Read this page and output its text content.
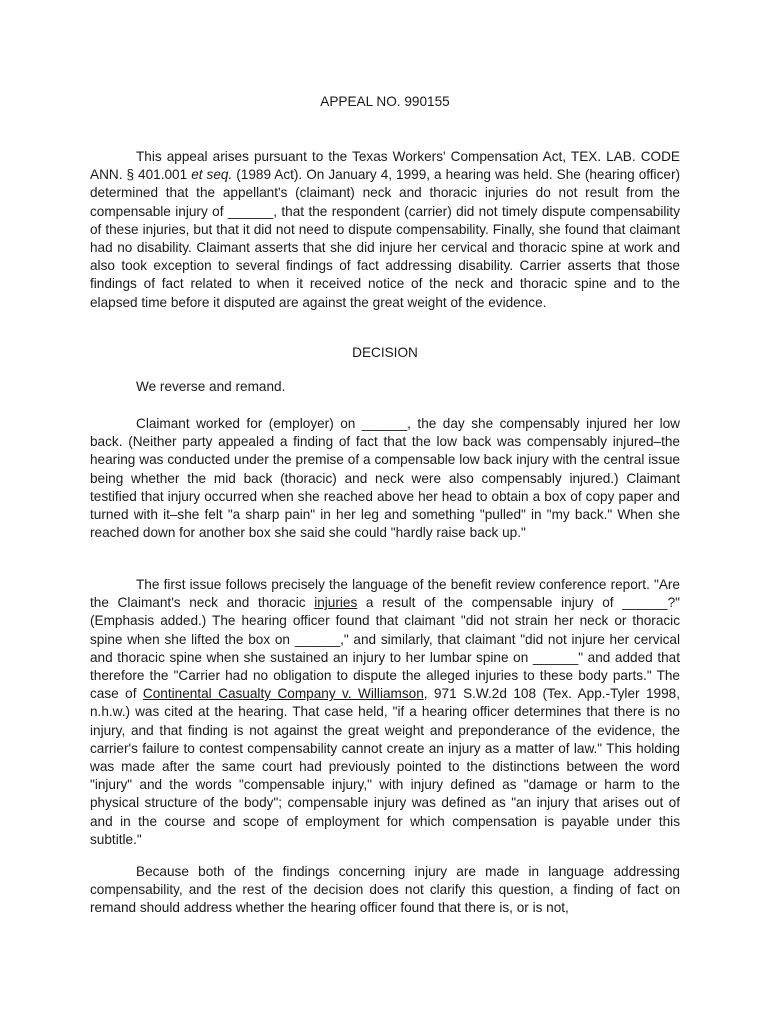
APPEAL NO. 990155

This appeal arises pursuant to the Texas Workers' Compensation Act, TEX. LAB. CODE ANN. § 401.001 et seq. (1989 Act). On January 4, 1999, a hearing was held. She (hearing officer) determined that the appellant's (claimant) neck and thoracic injuries do not result from the compensable injury of ______, that the respondent (carrier) did not timely dispute compensability of these injuries, but that it did not need to dispute compensability. Finally, she found that claimant had no disability. Claimant asserts that she did injure her cervical and thoracic spine at work and also took exception to several findings of fact addressing disability. Carrier asserts that those findings of fact related to when it received notice of the neck and thoracic spine and to the elapsed time before it disputed are against the great weight of the evidence.

DECISION

We reverse and remand.

Claimant worked for (employer) on ______, the day she compensably injured her low back. (Neither party appealed a finding of fact that the low back was compensably injured–the hearing was conducted under the premise of a compensable low back injury with the central issue being whether the mid back (thoracic) and neck were also compensably injured.) Claimant testified that injury occurred when she reached above her head to obtain a box of copy paper and turned with it–she felt "a sharp pain" in her leg and something "pulled" in "my back." When she reached down for another box she said she could "hardly raise back up."

The first issue follows precisely the language of the benefit review conference report. "Are the Claimant's neck and thoracic injuries a result of the compensable injury of ______?" (Emphasis added.) The hearing officer found that claimant "did not strain her neck or thoracic spine when she lifted the box on ______," and similarly, that claimant "did not injure her cervical and thoracic spine when she sustained an injury to her lumbar spine on ______" and added that therefore the "Carrier had no obligation to dispute the alleged injuries to these body parts." The case of Continental Casualty Company v. Williamson, 971 S.W.2d 108 (Tex. App.-Tyler 1998, n.h.w.) was cited at the hearing. That case held, "if a hearing officer determines that there is no injury, and that finding is not against the great weight and preponderance of the evidence, the carrier's failure to contest compensability cannot create an injury as a matter of law." This holding was made after the same court had previously pointed to the distinctions between the word "injury" and the words "compensable injury," with injury defined as "damage or harm to the physical structure of the body"; compensable injury was defined as "an injury that arises out of and in the course and scope of employment for which compensation is payable under this subtitle."

Because both of the findings concerning injury are made in language addressing compensability, and the rest of the decision does not clarify this question, a finding of fact on remand should address whether the hearing officer found that there is, or is not,
